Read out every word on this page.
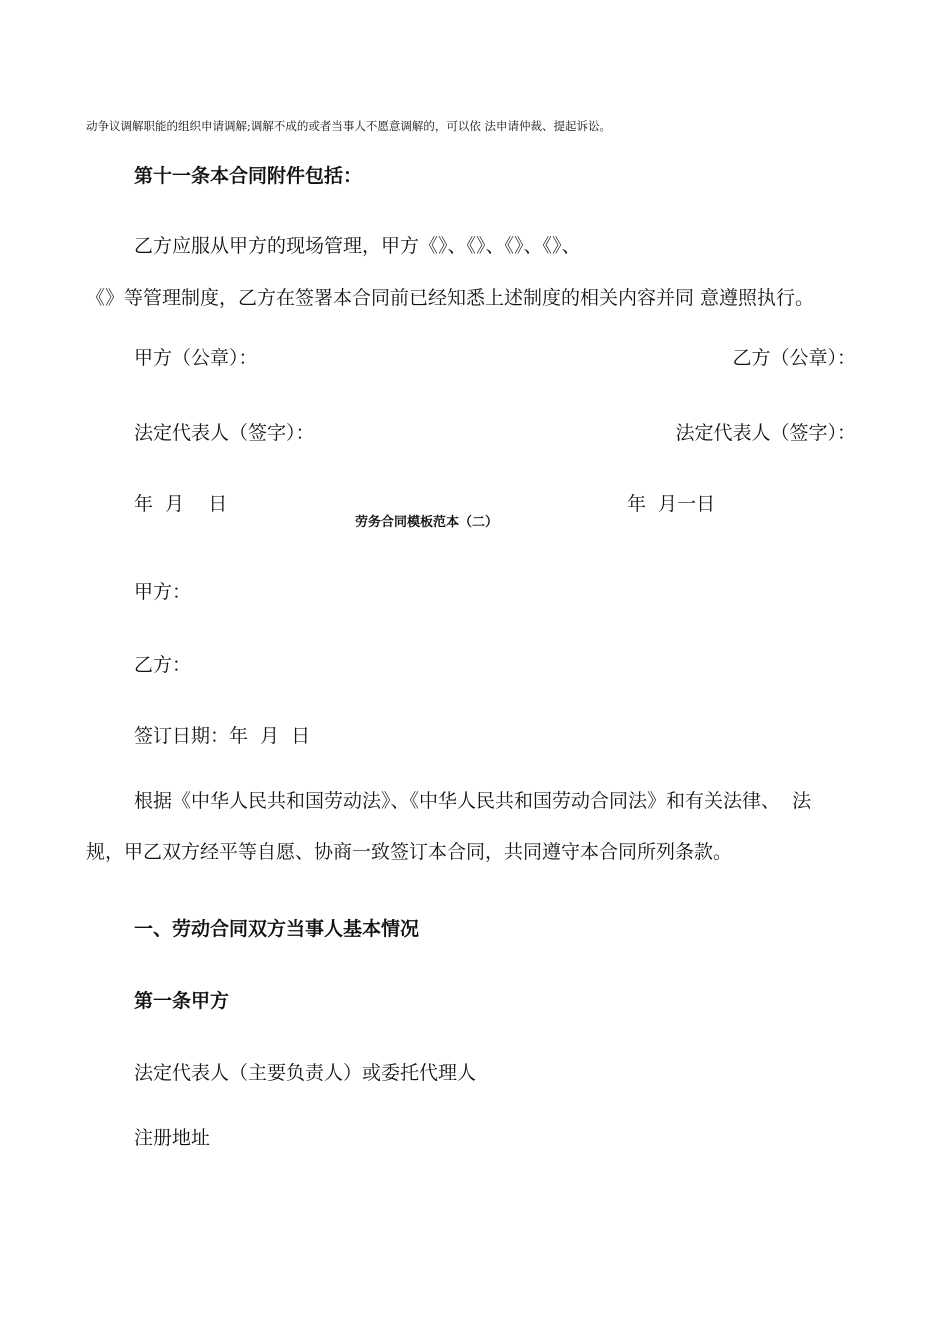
动争议调解职能的组织申请调解;调解不成的或者当事人不愿意调解的，可以依 法申请仲裁、提起诉讼。
第十一条本合同附件包括：
乙方应服从甲方的现场管理，甲方《》、《》、《》、《》、
《》等管理制度，乙方在签署本合同前已经知悉上述制度的相关内容并同 意遵照执行。
甲方（公章）：	乙方（公章）：
法定代表人（签字）：	法定代表人（签字）：
年  月    日	年  月一日
劳务合同模板范本（二）
甲方：
乙方：
签订日期：年  月  日
根据《中华人民共和国劳动法》、《中华人民共和国劳动合同法》和有关法律、  法
规，甲乙双方经平等自愿、协商一致签订本合同，共同遵守本合同所列条款。
一、劳动合同双方当事人基本情况
第一条甲方
法定代表人（主要负责人）或委托代理人
注册地址
